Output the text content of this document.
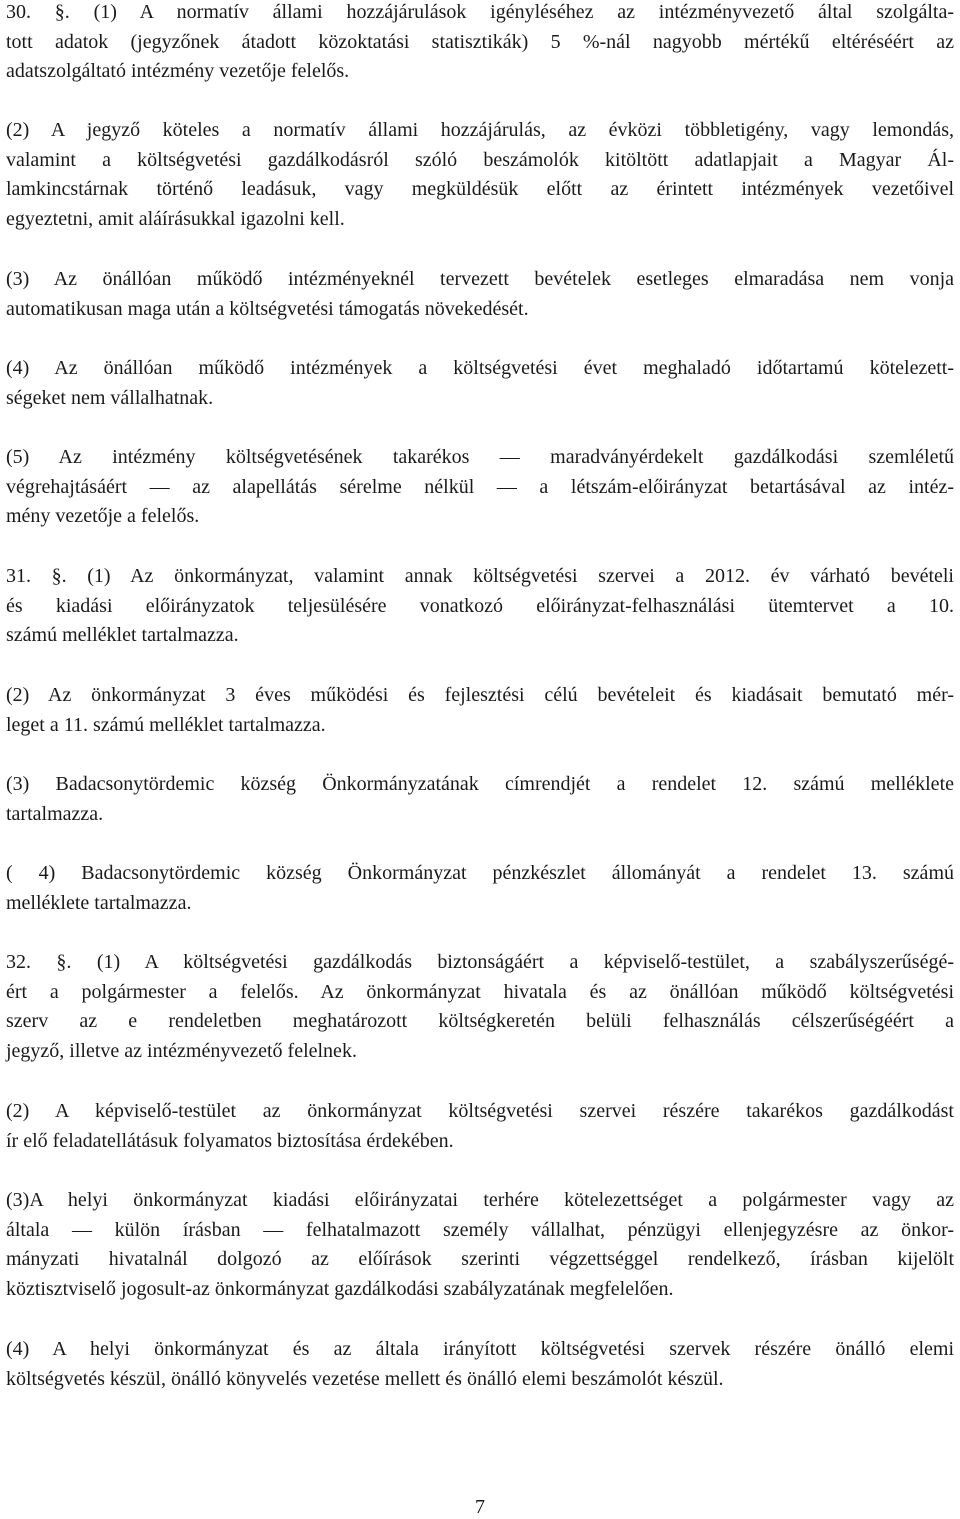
30. §. (1) A normatív állami hozzájárulások igényléséhez az intézményvezető által szolgálta-
tott adatok (jegyzőnek átadott közoktatási statisztikák) 5 %-nál nagyobb mértékű eltéréséért az
adatszolgáltató intézmény vezetője felelős.
(2) A jegyző köteles a normatív állami hozzájárulás, az évközi többletigény, vagy lemondás,
valamint a költségvetési gazdálkodásról szóló beszámolók kitöltött adatlapjait a Magyar Ál-
lamkincstárnak történő leadásuk, vagy megküldésük előtt az érintett intézmények vezetőivel
egyeztetni, amit aláírásukkal igazolni kell.
(3) Az önállóan működő intézményeknél tervezett bevételek esetleges elmaradása nem vonja
automatikusan maga után a költségvetési támogatás növekedését.
(4) Az önállóan működő intézmények a költségvetési évet meghaladó időtartamú kötelezett-
ségeket nem vállalhatnak.
(5) Az intézmény költségvetésének takarékos — maradványérdekelt gazdálkodási szemléletű
végrehajtásáért — az alapellátás sérelme nélkül — a létszám-előirányzat betartásával az intéz-
mény vezetője a felelős.
31. §. (1) Az önkormányzat, valamint annak költségvetési szervei a 2012. év várható bevételi
és kiadási előirányzatok teljesülésére vonatkozó előirányzat-felhasználási ütemtervet a 10.
számú melléklet tartalmazza.
(2) Az önkormányzat 3 éves működési és fejlesztési célú bevételeit és kiadásait bemutató mér-
leget a 11. számú melléklet tartalmazza.
(3) Badacsonytördemic község Önkormányzatának címrendjét a rendelet 12. számú melléklete
tartalmazza.
( 4) Badacsonytördemic község Önkormányzat pénzkészlet állományát a rendelet 13. számú
melléklete tartalmazza.
32. §. (1) A költségvetési gazdálkodás biztonságáért a képviselő-testület, a szabályszerűségé-
ért a polgármester a felelős. Az önkormányzat hivatala és az önállóan működő költségvetési
szerv az e rendeletben meghatározott költségkeretén belüli felhasználás célszerűségéért a
jegyző, illetve az intézményvezető felelnek.
(2) A képviselő-testület az önkormányzat költségvetési szervei részére takarékos gazdálkodást
ír elő feladatellátásuk folyamatos biztosítása érdekében.
(3)A helyi önkormányzat kiadási előirányzatai terhére kötelezettséget a polgármester vagy az
általa — külön írásban — felhatalmazott személy vállalhat, pénzügyi ellenjegyzésre az önkor-
mányzati hivatalnál dolgozó az előírások szerinti végzettséggel rendelkező, írásban kijelölt
köztisztviselő jogosult-az önkormányzat gazdálkodási szabályzatának megfelelően.
(4) A helyi önkormányzat és az általa irányított költségvetési szervek részére önálló elemi
költségvetés készül, önálló könyvelés vezetése mellett és önálló elemi beszámolót készül.
7
